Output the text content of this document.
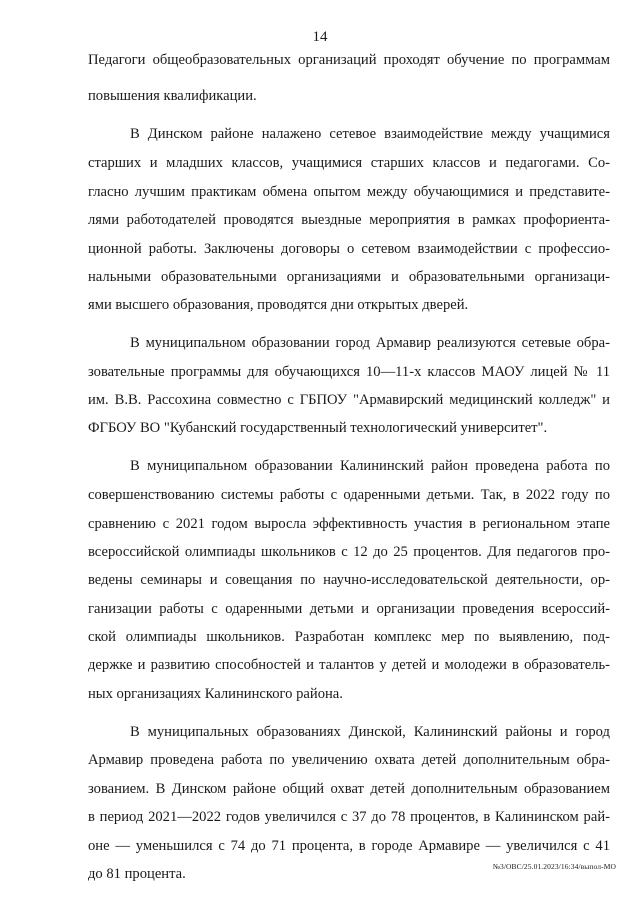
14
Педагоги общеобразовательных организаций проходят обучение по программам
повышения квалификации.
В Динском районе налажено сетевое взаимодействие между учащимися
старших и младших классов, учащимися старших классов и педагогами. Со-
гласно лучшим практикам обмена опытом между обучающимися и представите-
лями работодателей проводятся выездные мероприятия в рамках профориента-
ционной работы. Заключены договоры о сетевом взаимодействии с профессио-
нальными образовательными организациями и образовательными организаци-
ями высшего образования, проводятся дни открытых дверей.
В муниципальном образовании город Армавир реализуются сетевые обра-
зовательные программы для обучающихся 10—11-х классов МАОУ лицей № 11
им. В.В. Рассохина совместно с ГБПОУ "Армавирский медицинский колледж" и
ФГБОУ ВО "Кубанский государственный технологический университет".
В муниципальном образовании Калининский район проведена работа по
совершенствованию системы работы с одаренными детьми. Так, в 2022 году по
сравнению с 2021 годом выросла эффективность участия в региональном этапе
всероссийской олимпиады школьников с 12 до 25 процентов. Для педагогов про-
ведены семинары и совещания по научно-исследовательской деятельности, ор-
ганизации работы с одаренными детьми и организации проведения всероссий-
ской олимпиады школьников. Разработан комплекс мер по выявлению, под-
держке и развитию способностей и талантов у детей и молодежи в образователь-
ных организациях Калининского района.
В муниципальных образованиях Динской, Калининский районы и город
Армавир проведена работа по увеличению охвата детей дополнительным обра-
зованием. В Динском районе общий охват детей дополнительным образованием
в период 2021—2022 годов увеличился с 37 до 78 процентов, в Калининском рай-
оне — уменьшился с 74 до 71 процента, в городе Армавире — увеличился с 41
до 81 процента.	№3/ОВС/25.01.2023/16:34/выпол-МО
